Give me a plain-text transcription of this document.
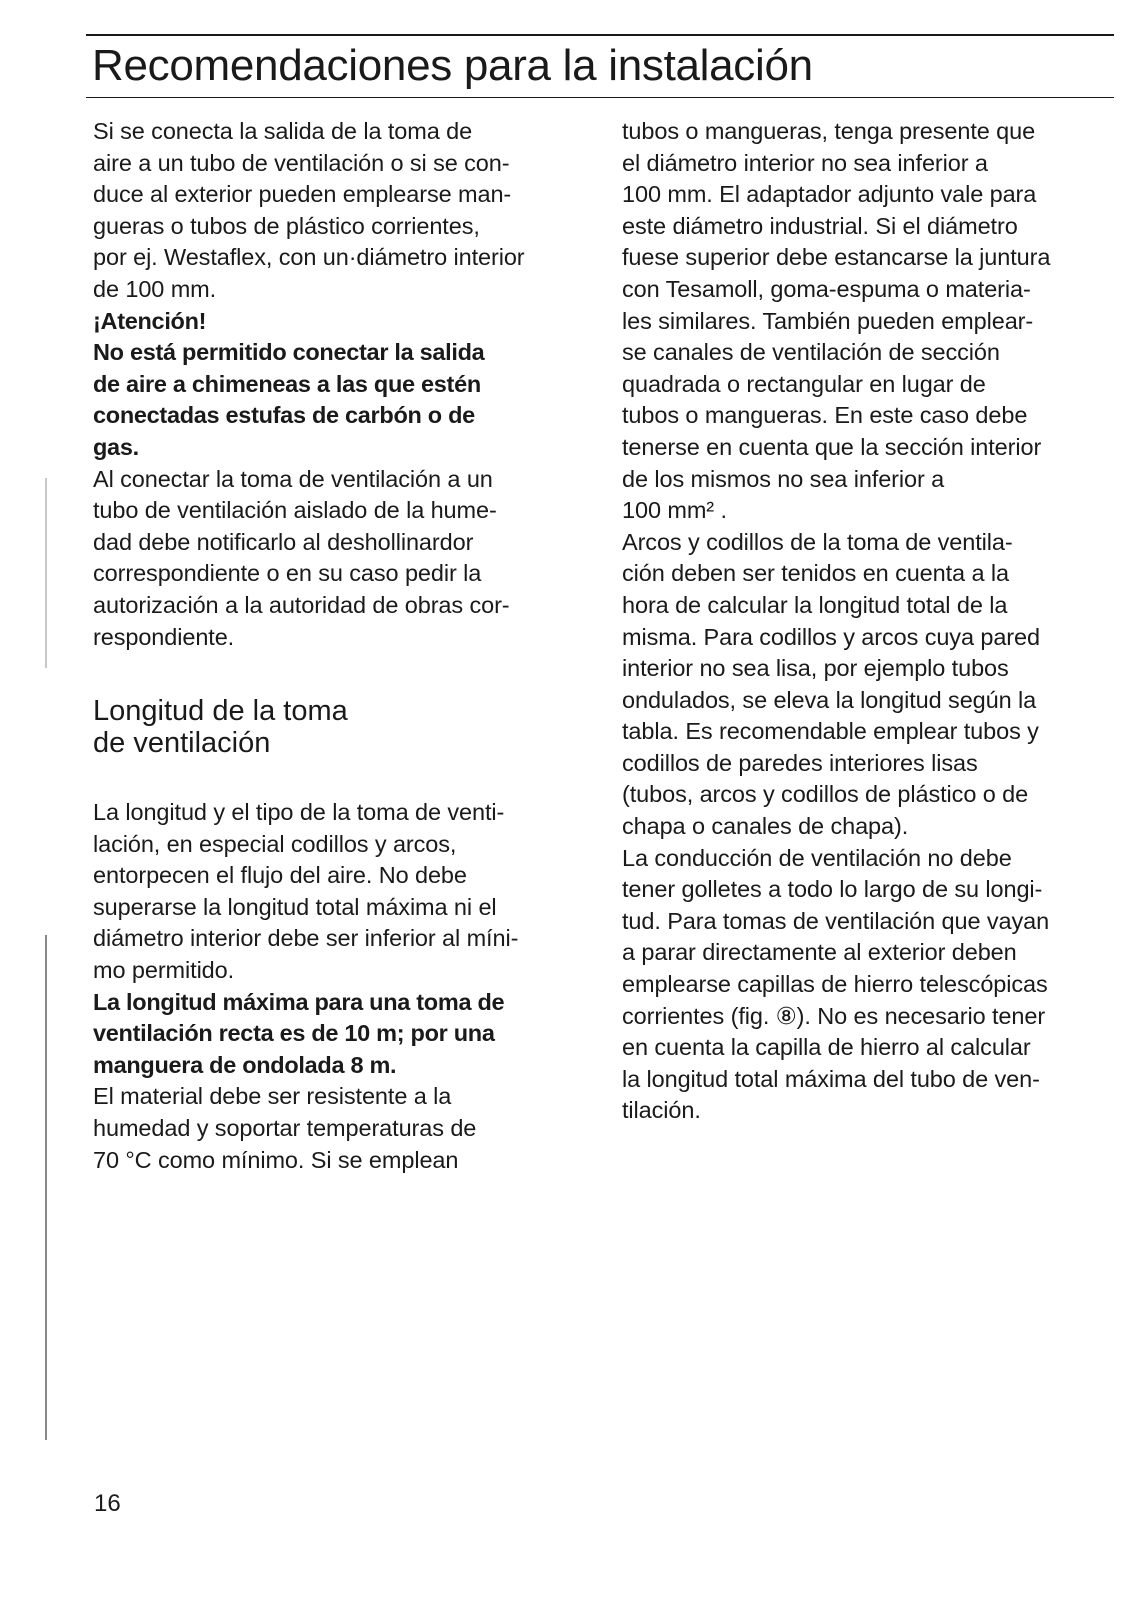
Recomendaciones para la instalación
Si se conecta la salida de la toma de
aire a un tubo de ventilación o si se con-
duce al exterior pueden emplearse man-
gueras o tubos de plástico corrientes,
por ej. Westaflex, con un·diámetro interior
de 100 mm.
¡Atención!
No está permitido conectar la salida
de aire a chimeneas a las que estén
conectadas estufas de carbón o de
gas.
Al conectar la toma de ventilación a un
tubo de ventilación aislado de la hume-
dad debe notificarlo al deshollinardor
correspondiente o en su caso pedir la
autorización a la autoridad de obras cor-
respondiente.
Longitud de la toma
de ventilación
La longitud y el tipo de la toma de venti-
lación, en especial codillos y arcos,
entorpecen el flujo del aire. No debe
superarse la longitud total máxima ni el
diámetro interior debe ser inferior al míni-
mo permitido.
La longitud máxima para una toma de
ventilación recta es de 10 m; por una
manguera de ondolada 8 m.
El material debe ser resistente a la
humedad y soportar temperaturas de
70 °C como mínimo. Si se emplean
tubos o mangueras, tenga presente que
el diámetro interior no sea inferior a
100 mm. El adaptador adjunto vale para
este diámetro industrial. Si el diámetro
fuese superior debe estancarse la juntura
con Tesamoll, goma-espuma o materia-
les similares. También pueden emplear-
se canales de ventilación de sección
quadrada o rectangular en lugar de
tubos o mangueras. En este caso debe
tenerse en cuenta que la sección interior
de los mismos no sea inferior a
100 mm² .
Arcos y codillos de la toma de ventila-
ción deben ser tenidos en cuenta a la
hora de calcular la longitud total de la
misma. Para codillos y arcos cuya pared
interior no sea lisa, por ejemplo tubos
ondulados, se eleva la longitud según la
tabla. Es recomendable emplear tubos y
codillos de paredes interiores lisas
(tubos, arcos y codillos de plástico o de
chapa o canales de chapa).
La conducción de ventilación no debe
tener golletes a todo lo largo de su longi-
tud. Para tomas de ventilación que vayan
a parar directamente al exterior deben
emplearse capillas de hierro telescópicas
corrientes (fig. ⑧). No es necesario tener
en cuenta la capilla de hierro al calcular
la longitud total máxima del tubo de ven-
tilación.
16
